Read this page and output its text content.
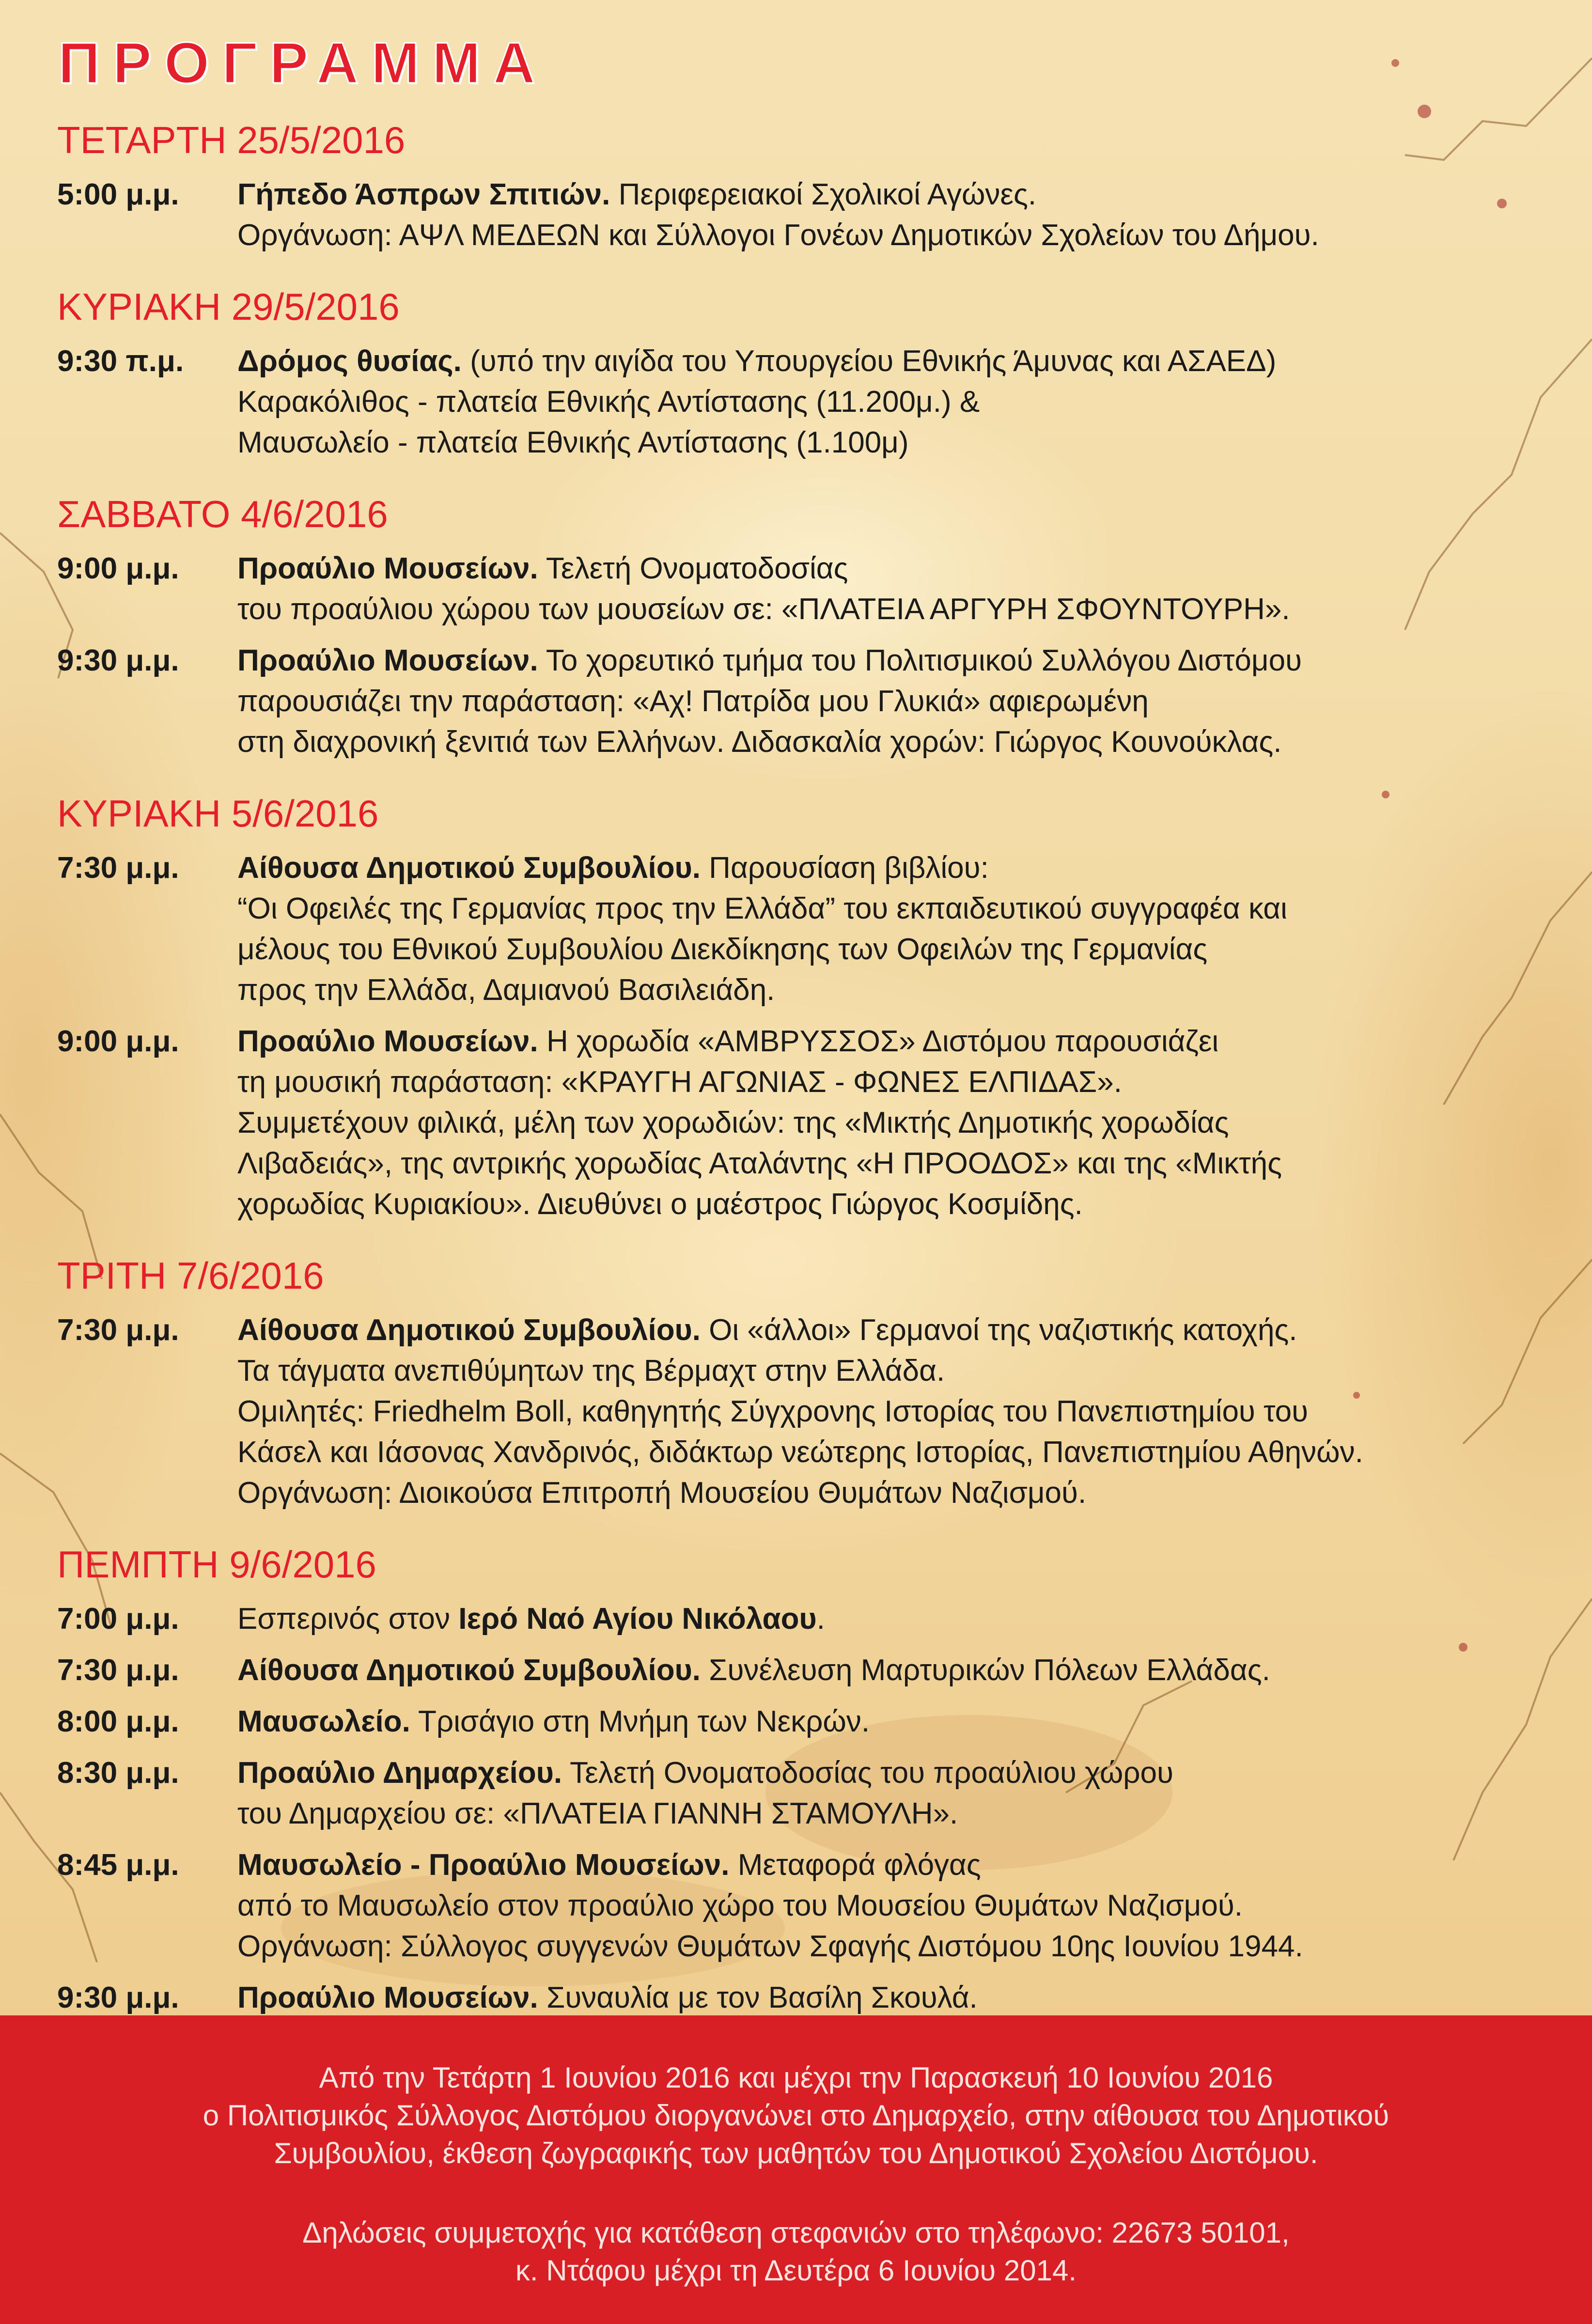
ΠΡΟΓΡΑΜΜΑ
ΤΕΤΑΡΤΗ 25/5/2016
5:00 μ.μ. Γήπεδο Άσπρων Σπιτιών. Περιφερειακοί Σχολικοί Αγώνες.
Οργάνωση: ΑΨΛ ΜΕΔΕΩΝ και Σύλλογοι Γονέων Δημοτικών Σχολείων του Δήμου.
ΚΥΡΙΑΚΗ 29/5/2016
9:30 π.μ. Δρόμος θυσίας. (υπό την αιγίδα του Υπουργείου Εθνικής Άμυνας και ΑΣΑΕΔ)
Καρακόλιθος - πλατεία Εθνικής Αντίστασης (11.200μ.) &
Μαυσωλείο - πλατεία Εθνικής Αντίστασης (1.100μ)
ΣΑΒΒΑΤΟ 4/6/2016
9:00 μ.μ. Προαύλιο Μουσείων. Τελετή Ονοματοδοσίας
του προαύλιου χώρου των μουσείων σε: «ΠΛΑΤΕΙΑ ΑΡΓΥΡΗ ΣΦΟΥΝΤΟΥΡΗ».
9:30 μ.μ. Προαύλιο Μουσείων. Το χορευτικό τμήμα του Πολιτισμικού Συλλόγου Διστόμου
παρουσιάζει την παράσταση: «Αχ! Πατρίδα μου Γλυκιά» αφιερωμένη
στη διαχρονική ξενιτιά των Ελλήνων. Διδασκαλία χορών: Γιώργος Κουνούκλας.
ΚΥΡΙΑΚΗ 5/6/2016
7:30 μ.μ. Αίθουσα Δημοτικού Συμβουλίου. Παρουσίαση βιβλίου:
“Οι Οφειλές της Γερμανίας προς την Ελλάδα” του εκπαιδευτικού συγγραφέα και
μέλους του Εθνικού Συμβουλίου Διεκδίκησης των Οφειλών της Γερμανίας
προς την Ελλάδα, Δαμιανού Βασιλειάδη.
9:00 μ.μ. Προαύλιο Μουσείων. Η χορωδία «ΑΜΒΡΥΣΣΟΣ» Διστόμου παρουσιάζει
τη μουσική παράσταση: «ΚΡΑΥΓΗ ΑΓΩΝΙΑΣ - ΦΩΝΕΣ ΕΛΠΙΔΑΣ».
Συμμετέχουν φιλικά, μέλη των χορωδιών: της «Μικτής Δημοτικής χορωδίας
Λιβαδειάς», της αντρικής χορωδίας Αταλάντης «Η ΠΡΟΟΔΟΣ» και της «Μικτής
χορωδίας Κυριακίου». Διευθύνει ο μαέστρος Γιώργος Κοσμίδης.
ΤΡΙΤΗ 7/6/2016
7:30 μ.μ. Αίθουσα Δημοτικού Συμβουλίου. Οι «άλλοι» Γερμανοί της ναζιστικής κατοχής.
Τα τάγματα ανεπιθύμητων της Βέρμαχτ στην Ελλάδα.
Ομιλητές: Friedhelm Boll, καθηγητής Σύγχρονης Ιστορίας του Πανεπιστημίου του
Κάσελ και Ιάσονας Χανδρινός, διδάκτωρ νεώτερης Ιστορίας, Πανεπιστημίου Αθηνών.
Οργάνωση: Διοικούσα Επιτροπή Μουσείου Θυμάτων Ναζισμού.
ΠΕΜΠΤΗ 9/6/2016
7:00 μ.μ. Εσπερινός στον Ιερό Ναό Αγίου Νικόλαου.
7:30 μ.μ. Αίθουσα Δημοτικού Συμβουλίου. Συνέλευση Μαρτυρικών Πόλεων Ελλάδας.
8:00 μ.μ. Μαυσωλείο. Τρισάγιο στη Μνήμη των Νεκρών.
8:30 μ.μ. Προαύλιο Δημαρχείου. Τελετή Ονοματοδοσίας του προαύλιου χώρου
του Δημαρχείου σε: «ΠΛΑΤΕΙΑ ΓΙΑΝΝΗ ΣΤΑΜΟΥΛΗ».
8:45 μ.μ. Μαυσωλείο - Προαύλιο Μουσείων. Μεταφορά φλόγας
από το Μαυσωλείο στον προαύλιο χώρο του Μουσείου Θυμάτων Ναζισμού.
Οργάνωση: Σύλλογος συγγενών Θυμάτων Σφαγής Διστόμου 10ης Ιουνίου 1944.
9:30 μ.μ. Προαύλιο Μουσείων. Συναυλία με τον Βασίλη Σκουλά.
Από την Τετάρτη 1 Ιουνίου 2016 και μέχρι την Παρασκευή 10 Ιουνίου 2016
ο Πολιτισμικός Σύλλογος Διστόμου διοργανώνει στο Δημαρχείο, στην αίθουσα του Δημοτικού
Συμβουλίου, έκθεση ζωγραφικής των μαθητών του Δημοτικού Σχολείου Διστόμου.
Δηλώσεις συμμετοχής για κατάθεση στεφανιών στο τηλέφωνο: 22673 50101,
κ. Ντάφου μέχρι τη Δευτέρα 6 Ιουνίου 2014.
